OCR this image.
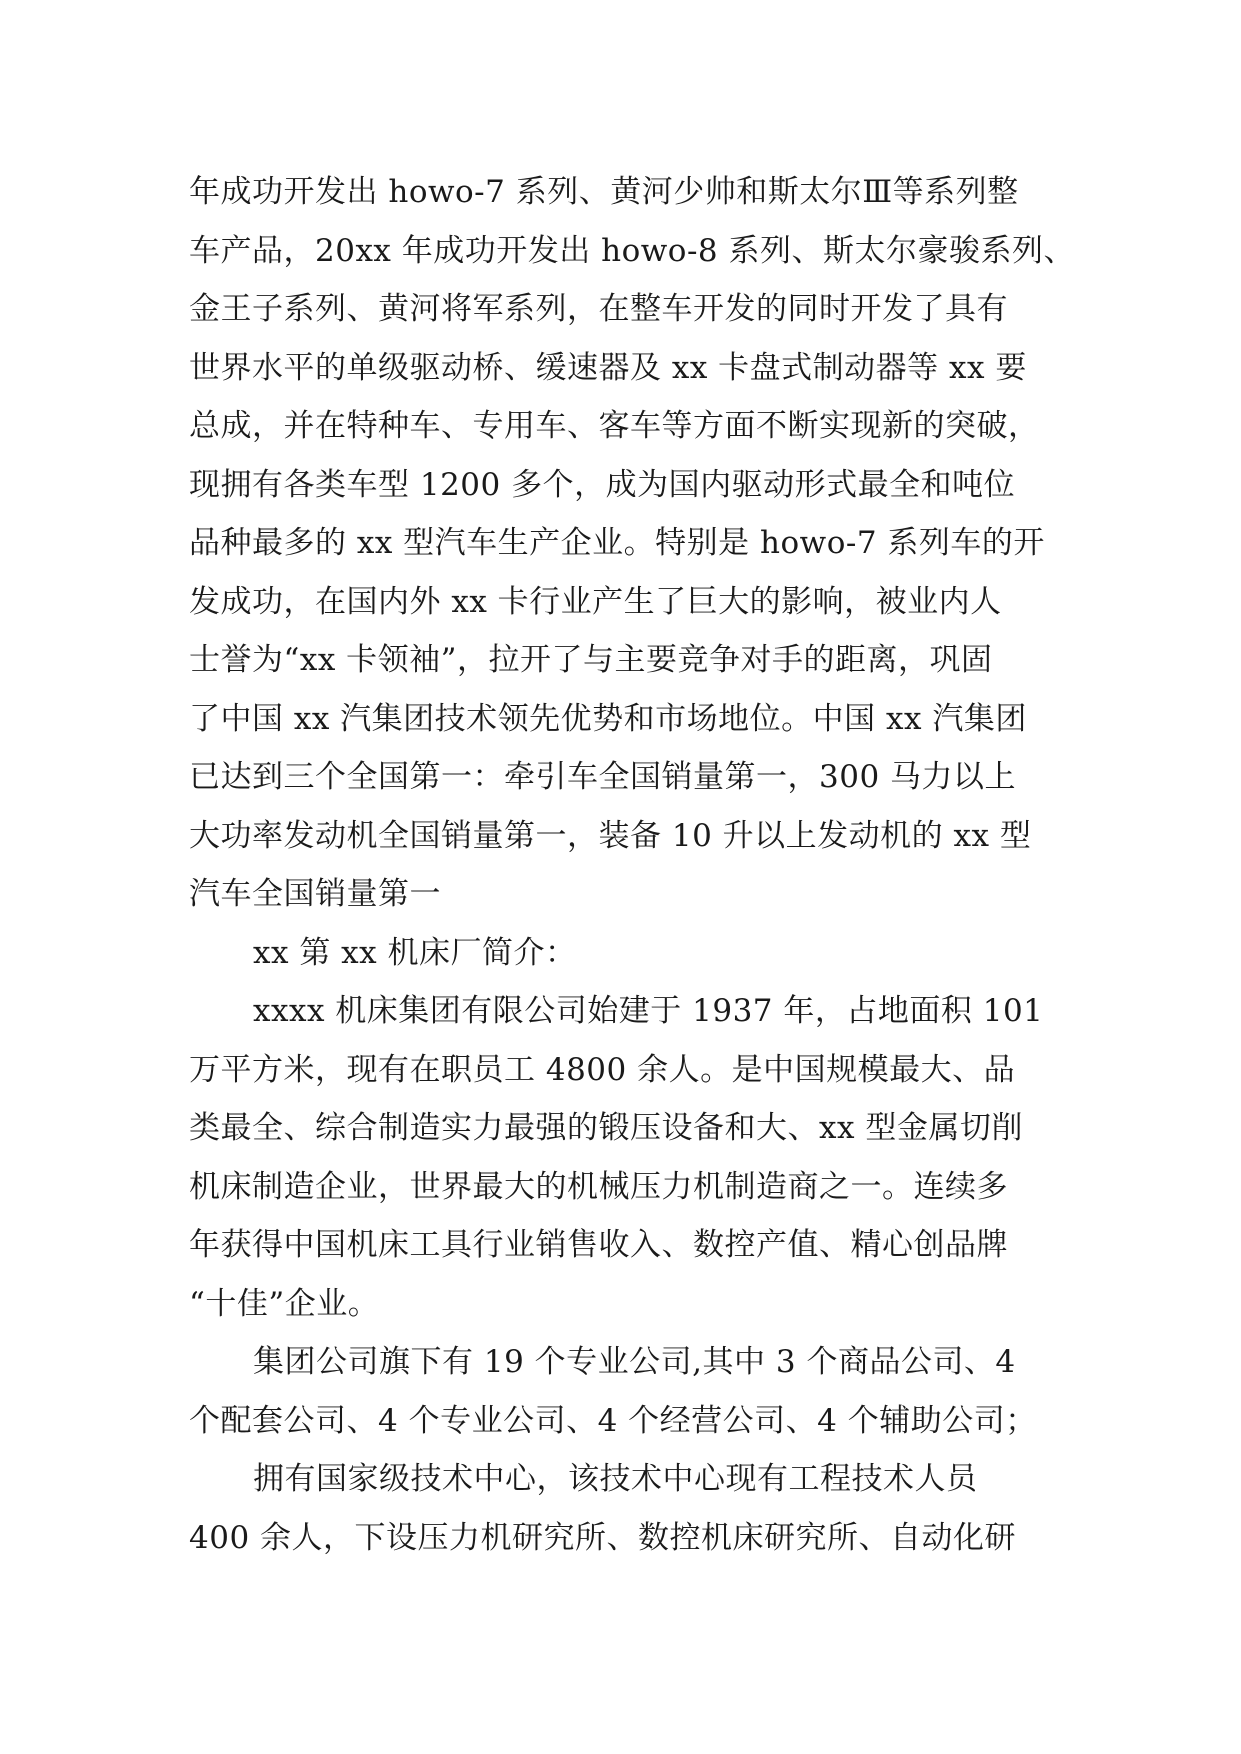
年成功开发出 howo-7 系列、黄河少帅和斯太尔Ⅲ等系列整
车产品，20xx 年成功开发出 howo-8 系列、斯太尔豪骏系列、
金王子系列、黄河将军系列，在整车开发的同时开发了具有
世界水平的单级驱动桥、缓速器及 xx 卡盘式制动器等 xx 要
总成，并在特种车、专用车、客车等方面不断实现新的突破，
现拥有各类车型 1200 多个，成为国内驱动形式最全和吨位
品种最多的 xx 型汽车生产企业。特别是 howo-7 系列车的开
发成功，在国内外 xx 卡行业产生了巨大的影响，被业内人
士誉为“xx 卡领袖”，拉开了与主要竞争对手的距离，巩固
了中国 xx 汽集团技术领先优势和市场地位。中国 xx 汽集团
已达到三个全国第一：牵引车全国销量第一，300 马力以上
大功率发动机全国销量第一，装备 10 升以上发动机的 xx 型
汽车全国销量第一
xx 第 xx 机床厂简介：
xxxx 机床集团有限公司始建于 1937 年，占地面积 101
万平方米，现有在职员工 4800 余人。是中国规模最大、品
类最全、综合制造实力最强的锻压设备和大、xx 型金属切削
机床制造企业，世界最大的机械压力机制造商之一。连续多
年获得中国机床工具行业销售收入、数控产值、精心创品牌
“十佳”企业。
集团公司旗下有 19 个专业公司,其中 3 个商品公司、4
个配套公司、4 个专业公司、4 个经营公司、4 个辅助公司；
拥有国家级技术中心，该技术中心现有工程技术人员
400 余人，下设压力机研究所、数控机床研究所、自动化研
